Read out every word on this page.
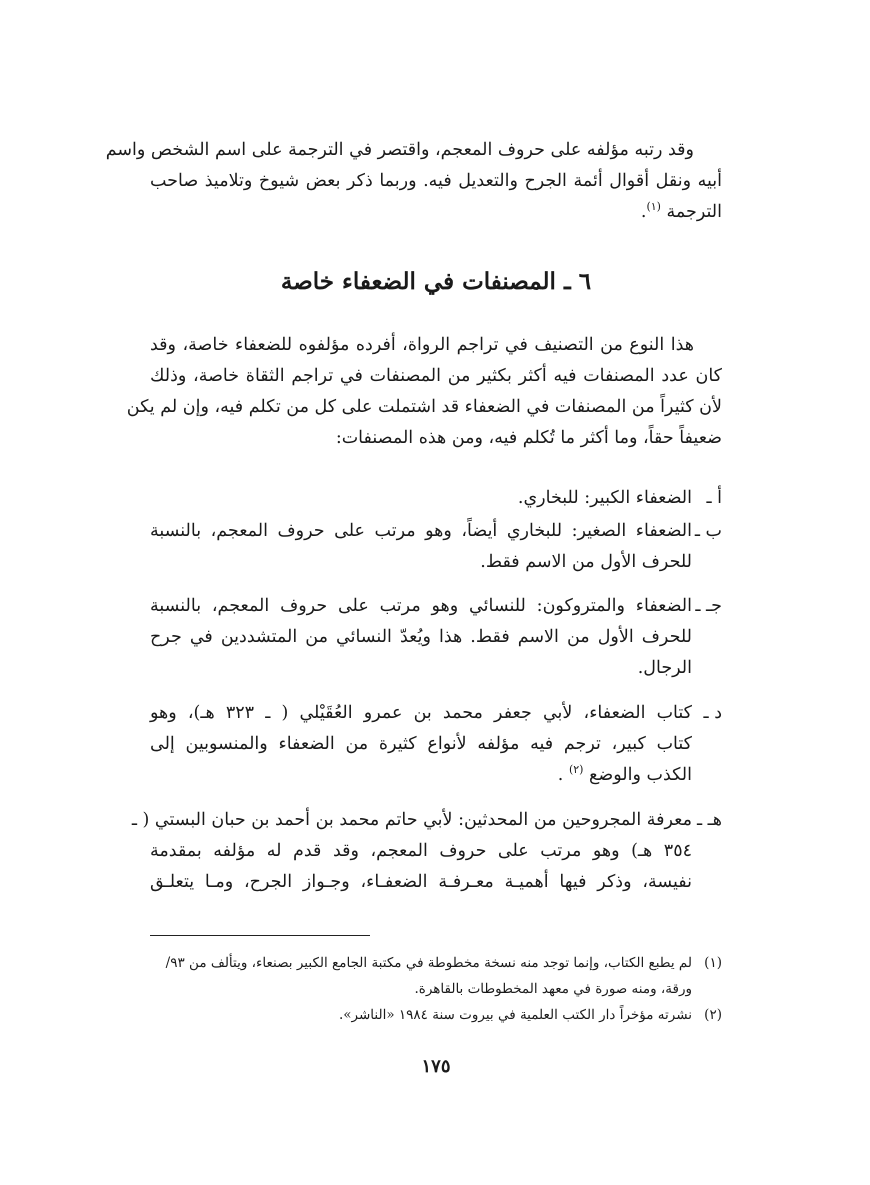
وقد رتبه مؤلفه على حروف المعجم، واقتصر في الترجمة على اسم الشخص واسم
أبيه ونقل أقوال أئمة الجرح والتعديل فيه. وربما ذكر بعض شيوخ وتلاميذ صاحب
الترجمة $^{(١)}$.
٦ ـ المصنفات في الضعفاء خاصة
هذا النوع من التصنيف في تراجم الرواة، أفرده مؤلفوه للضعفاء خاصة، وقد
كان عدد المصنفات فيه أكثر بكثير من المصنفات في تراجم الثقاة خاصة، وذلك
لأن كثيراً من المصنفات في الضعفاء قد اشتملت على كل من تكلم فيه، وإن لم يكن
ضعيفاً حقاً، وما أكثر ما تُكلم فيه، ومن هذه المصنفات:
أ ـ
الضعفاء الكبير: للبخاري.
ب ـ
الضعفاء الصغير: للبخاري أيضاً، وهو مرتب على حروف المعجم، بالنسبة
للحرف الأول من الاسم فقط.
جـ ـ
الضعفاء والمتروكون: للنسائي وهو مرتب على حروف المعجم، بالنسبة
للحرف الأول من الاسم فقط. هذا ويُعدّ النسائي من المتشددين في جرح
الرجال.
د ـ
كتاب الضعفاء، لأبي جعفر محمد بن عمرو العُقَيْلي ( ـ ٣٢٣ هـ)، وهو
كتاب كبير، ترجم فيه مؤلفه لأنواع كثيرة من الضعفاء والمنسوبين إلى
الكذب والوضع $^{(٢)}$ .
هـ ـ
معرفة المجروحين من المحدثين: لأبي حاتم محمد بن أحمد بن حبان البستي ( ـ
٣٥٤ هـ) وهو مرتب على حروف المعجم، وقد قدم له مؤلفه بمقدمة
نفيسة، وذكر فيها أهميـة معـرفـة الضعفـاء، وجـواز الجرح، ومـا يتعلـق
(١)
لم يطبع الكتاب، وإنما توجد منه نسخة مخطوطة في مكتبة الجامع الكبير بصنعاء، ويتألف من ٩٣/
ورقة، ومنه صورة في معهد المخطوطات بالقاهرة.
(٢)
نشرته مؤخراً دار الكتب العلمية في بيروت سنة ١٩٨٤ «الناشر».
١٧٥
